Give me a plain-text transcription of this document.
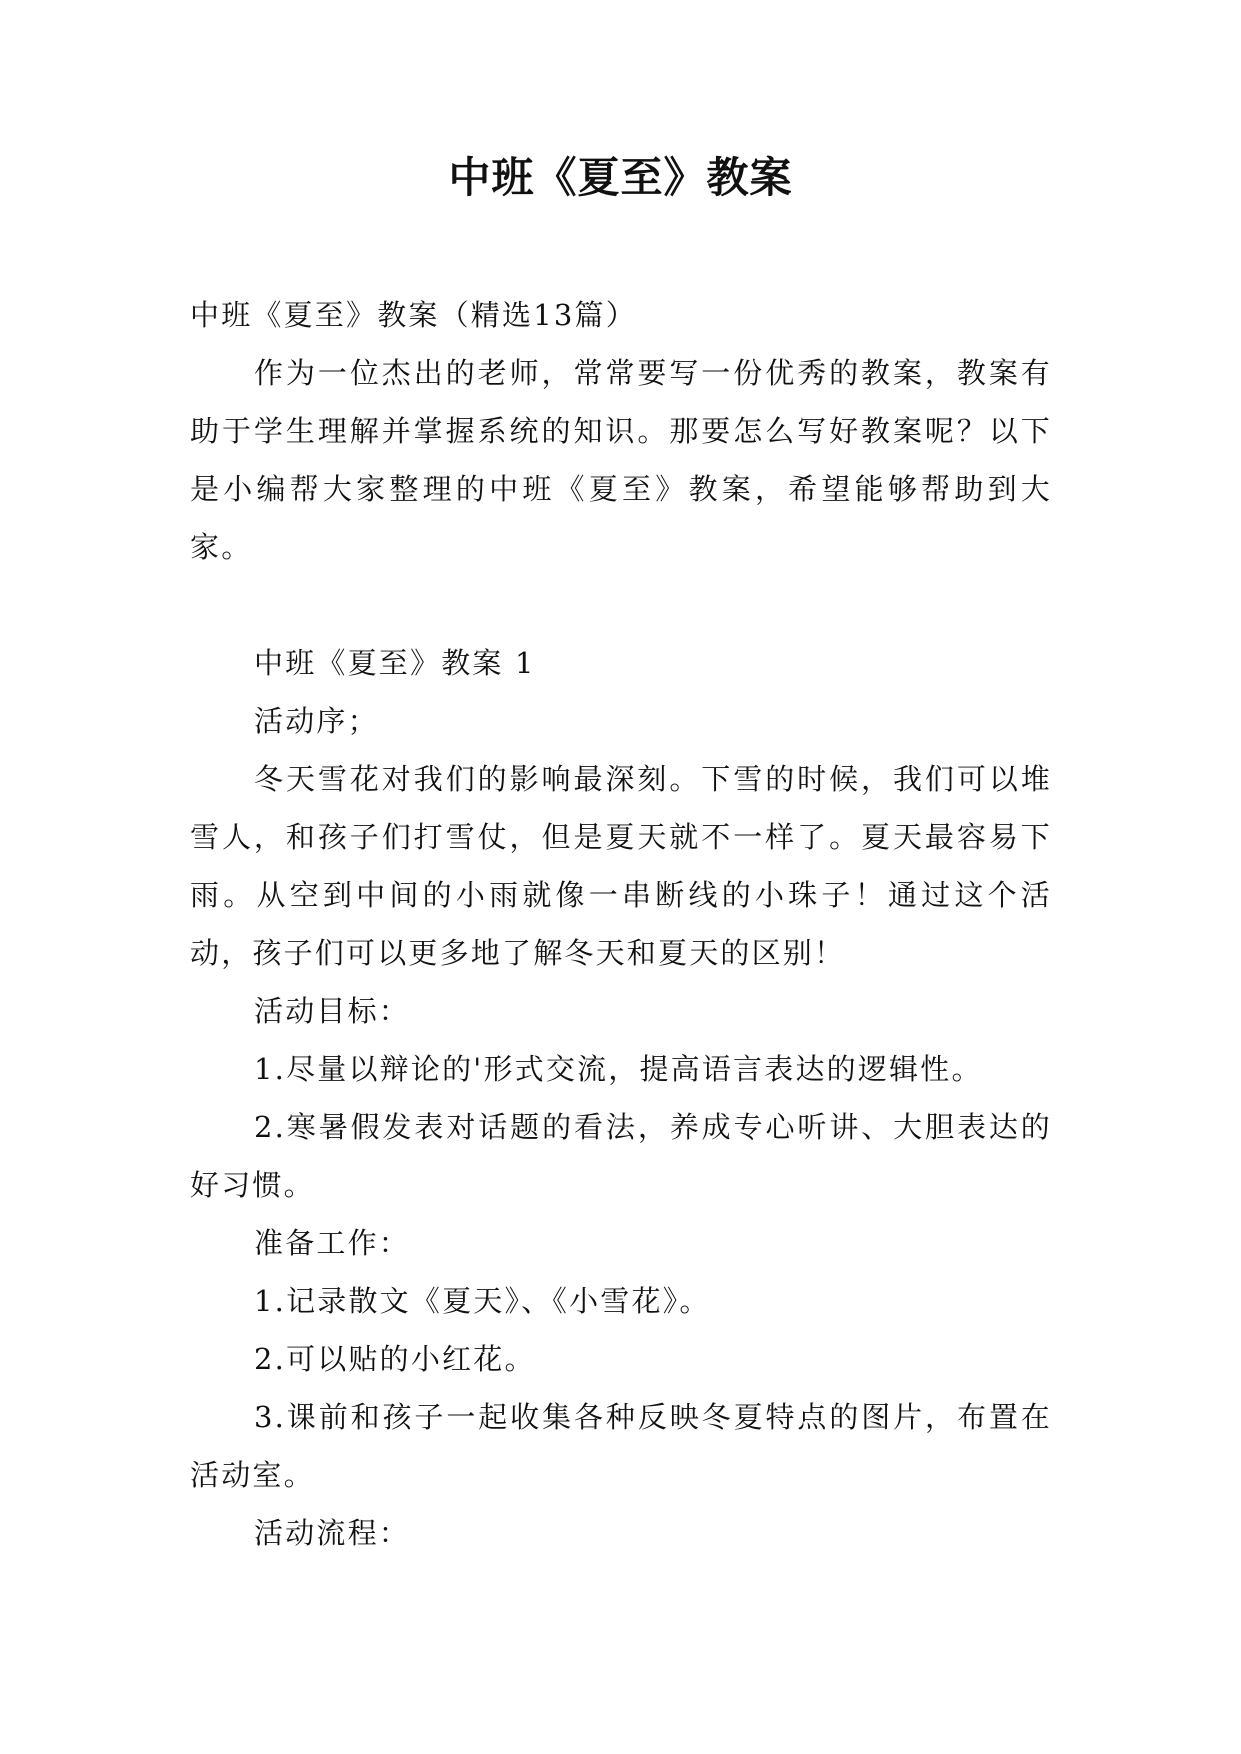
中班《夏至》教案

中班《夏至》教案（精选13篇）

作为一位杰出的老师，常常要写一份优秀的教案，教案有助于学生理解并掌握系统的知识。那要怎么写好教案呢？以下是小编帮大家整理的中班《夏至》教案，希望能够帮助到大家。

中班《夏至》教案 1

活动序；

冬天雪花对我们的影响最深刻。下雪的时候，我们可以堆雪人，和孩子们打雪仗，但是夏天就不一样了。夏天最容易下雨。从空到中间的小雨就像一串断线的小珠子！通过这个活动，孩子们可以更多地了解冬天和夏天的区别！

活动目标：

1.尽量以辩论的'形式交流，提高语言表达的逻辑性。

2.寒暑假发表对话题的看法，养成专心听讲、大胆表达的好习惯。

准备工作：

1.记录散文《夏天》、《小雪花》。

2.可以贴的小红花。

3.课前和孩子一起收集各种反映冬夏特点的图片，布置在活动室。

活动流程：
